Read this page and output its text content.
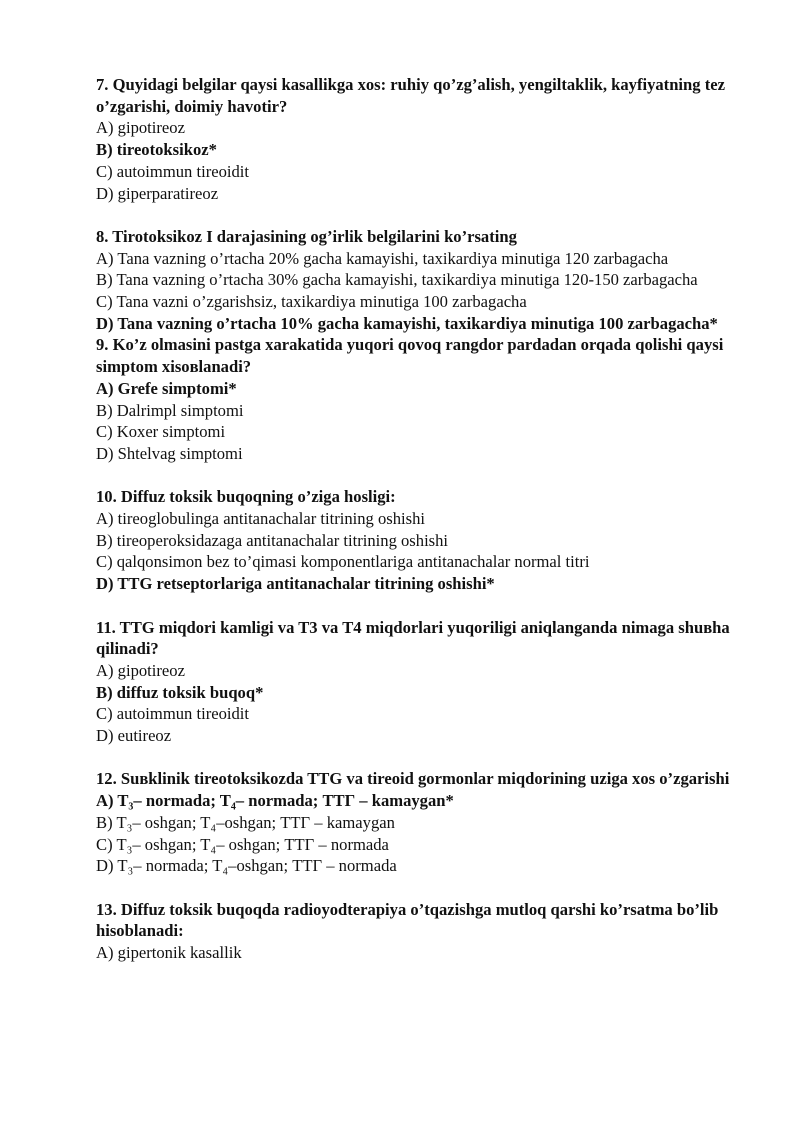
7. Quyidagi belgilar qaysi kasallikga xos: ruhiy qo’zg’alish, yengiltaklik, kayfiyatning tez o’zgarishi, doimiy havotir?
A) gipotireoz
B) tireotoksikoz*
C) autoimmun tireoidit
D) giperparatireoz
8. Tirotoksikoz I darajasining og’irlik belgilarini ko’rsating
A) Tana vazning o’rtacha 20% gacha kamayishi, taxikardiya minutiga 120 zarbagacha
B) Tana vazning o’rtacha 30% gacha kamayishi, taxikardiya minutiga 120-150 zarbagacha
C) Tana vazni o’zgarishsiz, taxikardiya minutiga 100 zarbagacha
D) Tana vazning o’rtacha 10% gacha kamayishi, taxikardiya minutiga 100 zarbagacha*
9. Ko’z olmasini pastga xarakatida yuqori qovoq rangdor pardadan orqada qolishi qaysi simptom xisoвlanadi?
A) Grefe simptomi*
B) Dalrimpl simptomi
C) Koxer simptomi
D) Shtelvag simptomi
10. Diffuz toksik buqoqning o’ziga hosligi:
A) tireoglobulinga antitanachalar titrining oshishi
B) tireoperoksidazaga antitanachalar titrining oshishi
C) qalqonsimon bez to’qimasi komponentlariga antitanachalar normal titri
D) TTG retseptorlariga antitanachalar titrining oshishi*
11. TTG miqdori kamligi va T3 va T4 miqdorlari yuqoriligi aniqlanganda nimaga shuвha qilinadi?
A) gipotireoz
B) diffuz toksik buqoq*
C) autoimmun tireoidit
D) eutireoz
12. Suвklinik tireotoksikozda TTG va tireoid gormonlar miqdorining uziga xos o’zgarishi
A) T₃– normada; T₄– normada; ТТГ – kamaygan*
B) T₃– oshgan; T₄–oshgan; ТТГ – kamaygan
C) T₃– oshgan; T₄– oshgan; ТТГ – normada
D) T₃– normada; T₄–oshgan; ТТГ – normada
13. Diffuz toksik buqoqda radioyodterapiya o’tqazishga mutloq qarshi ko’rsatma bo’lib hisoblanadi:
A) gipertonik kasallik
